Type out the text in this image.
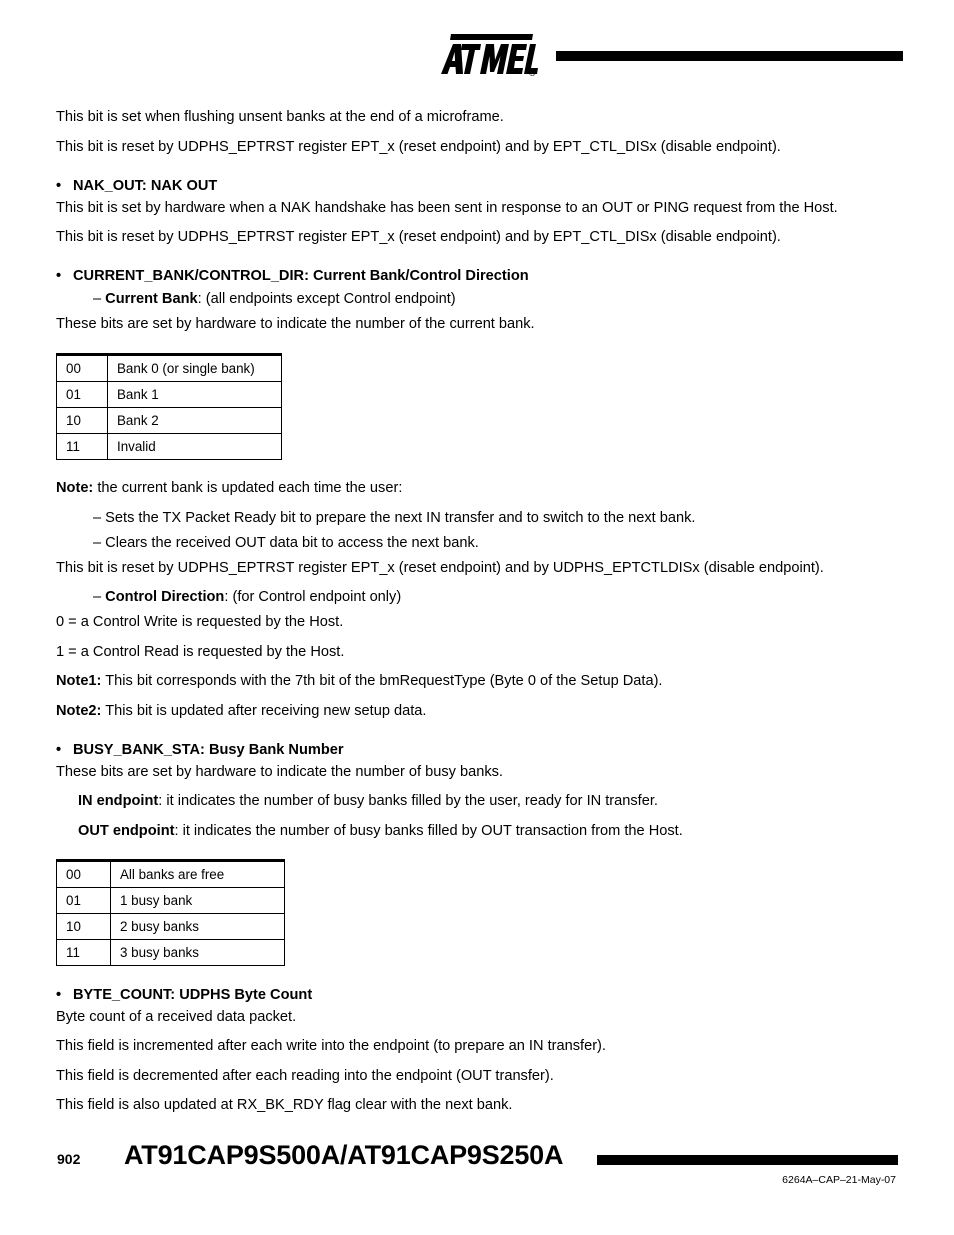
®
This bit is set when flushing unsent banks at the end of a microframe.
This bit is reset by UDPHS_EPTRST register EPT_x (reset endpoint) and by EPT_CTL_DISx (disable endpoint).
• NAK_OUT: NAK OUT
This bit is set by hardware when a NAK handshake has been sent in response to an OUT or PING request from the Host.
This bit is reset by UDPHS_EPTRST register EPT_x (reset endpoint) and by EPT_CTL_DISx (disable endpoint).
• CURRENT_BANK/CONTROL_DIR: Current Bank/Control Direction
– Current Bank: (all endpoints except Control endpoint)
These bits are set by hardware to indicate the number of the current bank.
00	Bank 0 (or single bank)
01	Bank 1
10	Bank 2
11	Invalid
Note: the current bank is updated each time the user:
– Sets the TX Packet Ready bit to prepare the next IN transfer and to switch to the next bank.
– Clears the received OUT data bit to access the next bank.
This bit is reset by UDPHS_EPTRST register EPT_x (reset endpoint) and by UDPHS_EPTCTLDISx (disable endpoint).
– Control Direction: (for Control endpoint only)
0 = a Control Write is requested by the Host.
1 = a Control Read is requested by the Host.
Note1: This bit corresponds with the 7th bit of the bmRequestType (Byte 0 of the Setup Data).
Note2: This bit is updated after receiving new setup data.
• BUSY_BANK_STA: Busy Bank Number
These bits are set by hardware to indicate the number of busy banks.
IN endpoint: it indicates the number of busy banks filled by the user, ready for IN transfer.
OUT endpoint: it indicates the number of busy banks filled by OUT transaction from the Host.
00	All banks are free
01	1 busy bank
10	2 busy banks
11	3 busy banks
• BYTE_COUNT: UDPHS Byte Count
Byte count of a received data packet.
This field is incremented after each write into the endpoint (to prepare an IN transfer).
This field is decremented after each reading into the endpoint (OUT transfer).
This field is also updated at RX_BK_RDY flag clear with the next bank.
902 AT91CAP9S500A/AT91CAP9S250A
6264A–CAP–21-May-07
